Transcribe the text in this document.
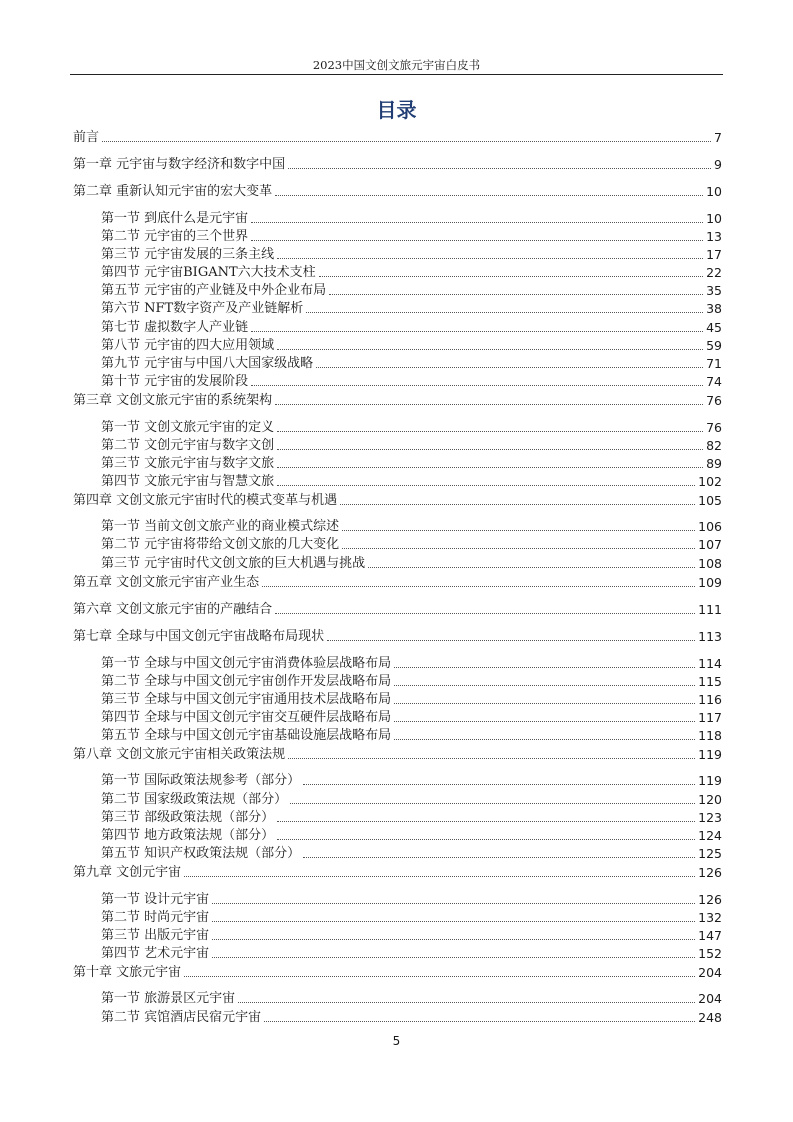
2023中国文创文旅元宇宙白皮书
目录
前言	7
第一章 元宇宙与数字经济和数字中国	9
第二章 重新认知元宇宙的宏大变革	10
第一节 到底什么是元宇宙	10
第二节 元宇宙的三个世界	13
第三节 元宇宙发展的三条主线	17
第四节 元宇宙BIGANT六大技术支柱	22
第五节 元宇宙的产业链及中外企业布局	35
第六节 NFT数字资产及产业链解析	38
第七节 虚拟数字人产业链	45
第八节 元宇宙的四大应用领域	59
第九节 元宇宙与中国八大国家级战略	71
第十节 元宇宙的发展阶段	74
第三章 文创文旅元宇宙的系统架构	76
第一节 文创文旅元宇宙的定义	76
第二节 文创元宇宙与数字文创	82
第三节 文旅元宇宙与数字文旅	89
第四节 文旅元宇宙与智慧文旅	102
第四章 文创文旅元宇宙时代的模式变革与机遇	105
第一节 当前文创文旅产业的商业模式综述	106
第二节 元宇宙将带给文创文旅的几大变化	107
第三节 元宇宙时代文创文旅的巨大机遇与挑战	108
第五章 文创文旅元宇宙产业生态	109
第六章 文创文旅元宇宙的产融结合	111
第七章 全球与中国文创元宇宙战略布局现状	113
第一节 全球与中国文创元宇宙消费体验层战略布局	114
第二节 全球与中国文创元宇宙创作开发层战略布局	115
第三节 全球与中国文创元宇宙通用技术层战略布局	116
第四节 全球与中国文创元宇宙交互硬件层战略布局	117
第五节 全球与中国文创元宇宙基础设施层战略布局	118
第八章 文创文旅元宇宙相关政策法规	119
第一节 国际政策法规参考（部分）	119
第二节 国家级政策法规（部分）	120
第三节 部级政策法规（部分）	123
第四节 地方政策法规（部分）	124
第五节 知识产权政策法规（部分）	125
第九章 文创元宇宙	126
第一节 设计元宇宙	126
第二节 时尚元宇宙	132
第三节 出版元宇宙	147
第四节 艺术元宇宙	152
第十章 文旅元宇宙	204
第一节 旅游景区元宇宙	204
第二节 宾馆酒店民宿元宇宙	248
5
